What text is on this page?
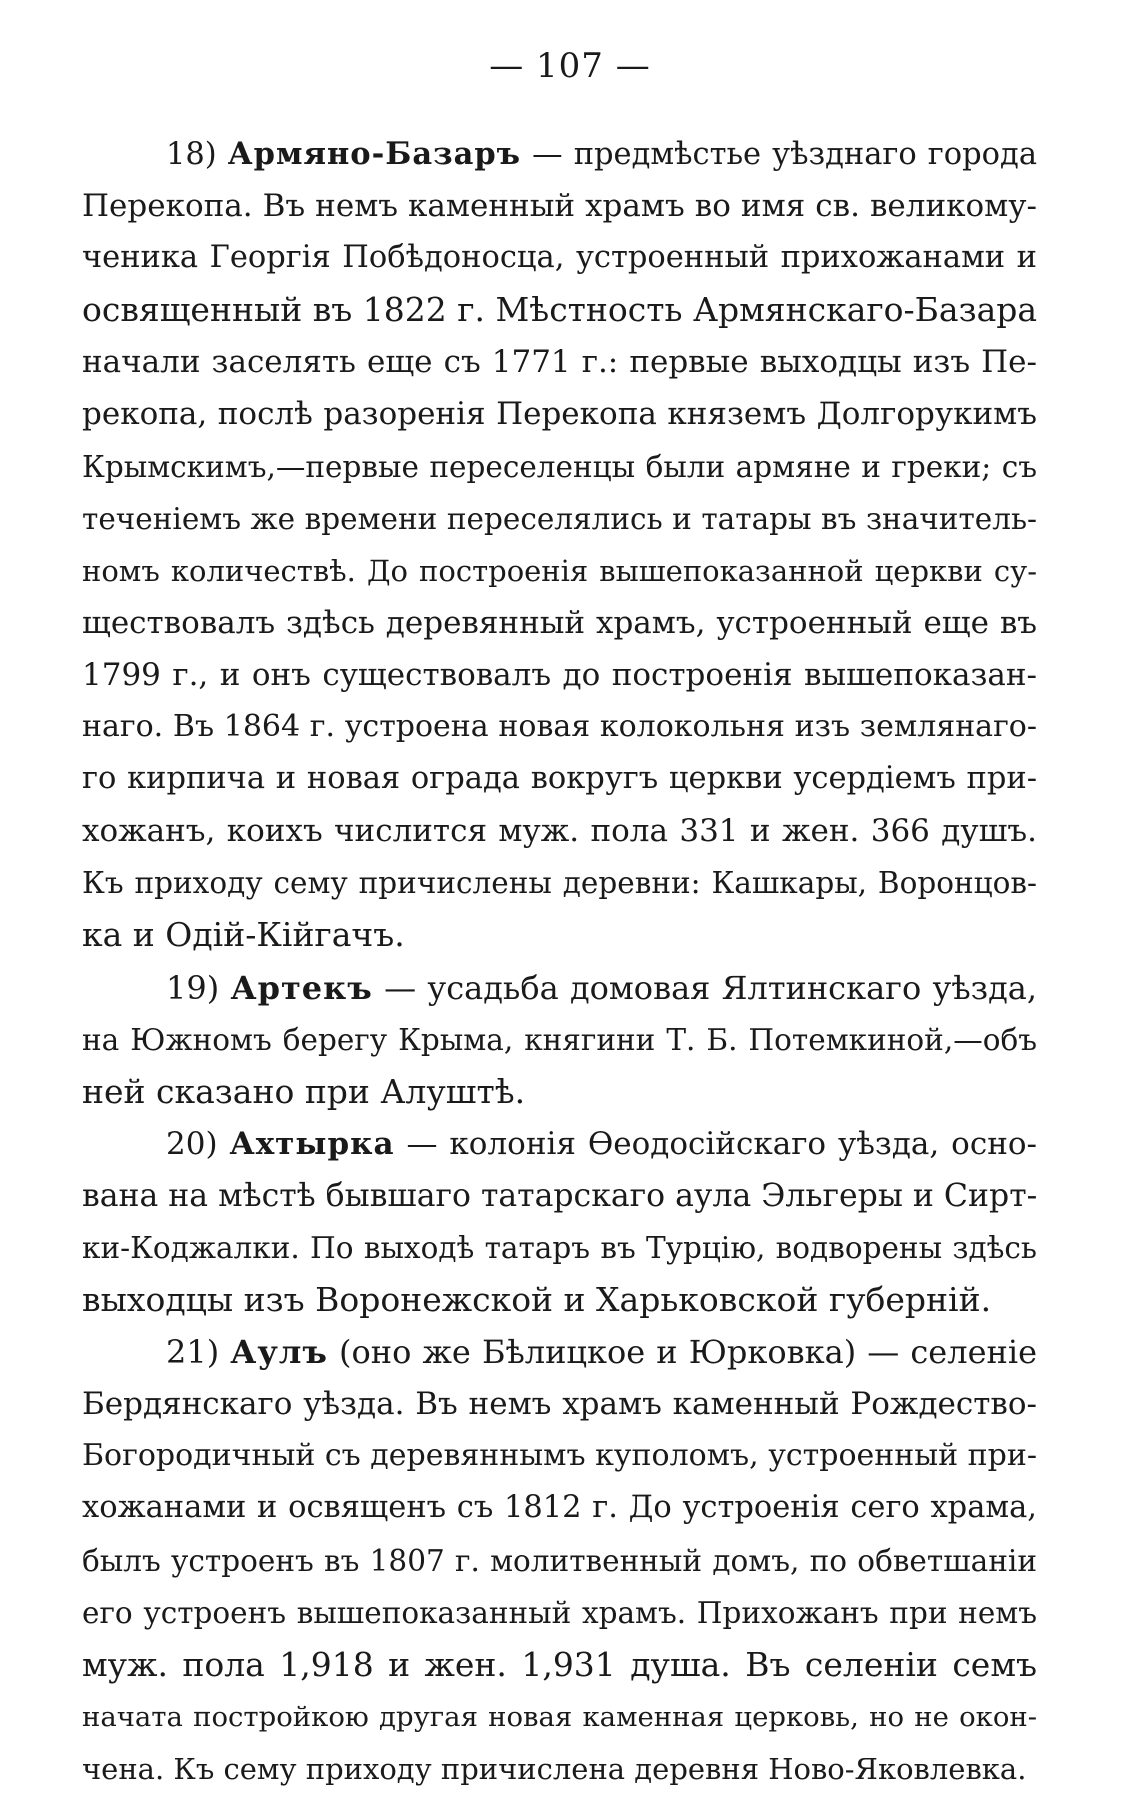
— 107 —
18) Армяно-Базаръ — предмѣстье уѣзднаго города
Перекопа. Въ немъ каменный храмъ во имя св. великому-
ченика Георгія Побѣдоносца, устроенный прихожанами и
освященный въ 1822 г. Мѣстность Армянскаго-Базара
начали заселять еще съ 1771 г.: первые выходцы изъ Пе-
рекопа, послѣ разоренія Перекопа княземъ Долгорукимъ
Крымскимъ,—первые переселенцы были армяне и греки; съ
теченіемъ же времени переселялись и татары въ значитель-
номъ количествѣ. До построенія вышепоказанной церкви су-
ществовалъ здѣсь деревянный храмъ, устроенный еще въ
1799 г., и онъ существовалъ до построенія вышепоказан-
наго. Въ 1864 г. устроена новая колокольня изъ землянаго-
го кирпича и новая ограда вокругъ церкви усердіемъ при-
хожанъ, коихъ числится муж. пола 331 и жен. 366 душъ.
Къ приходу сему причислены деревни: Кашкары, Воронцов-
ка и Одій-Кійгачъ.
19) Артекъ — усадьба домовая Ялтинскаго уѣзда,
на Южномъ берегу Крыма, княгини Т. Б. Потемкиной,—объ
ней сказано при Алуштѣ.
20) Ахтырка — колонія Ѳеодосійскаго уѣзда, осно-
вана на мѣстѣ бывшаго татарскаго аула Эльгеры и Сирт-
ки-Коджалки. По выходѣ татаръ въ Турцію, водворены здѣсь
выходцы изъ Воронежской и Харьковской губерній.
21) Аулъ (оно же Бѣлицкое и Юрковка) — селеніе
Бердянскаго уѣзда. Въ немъ храмъ каменный Рождество-
Богородичный съ деревяннымъ куполомъ, устроенный при-
хожанами и освященъ съ 1812 г. До устроенія сего храма,
былъ устроенъ въ 1807 г. молитвенный домъ, по обветшаніи
его устроенъ вышепоказанный храмъ. Прихожанъ при немъ
муж. пола 1,918 и жен. 1,931 душа. Въ селеніи семъ
начата постройкою другая новая каменная церковь, но не окон-
чена. Къ сему приходу причислена деревня Ново-Яковлевка.
